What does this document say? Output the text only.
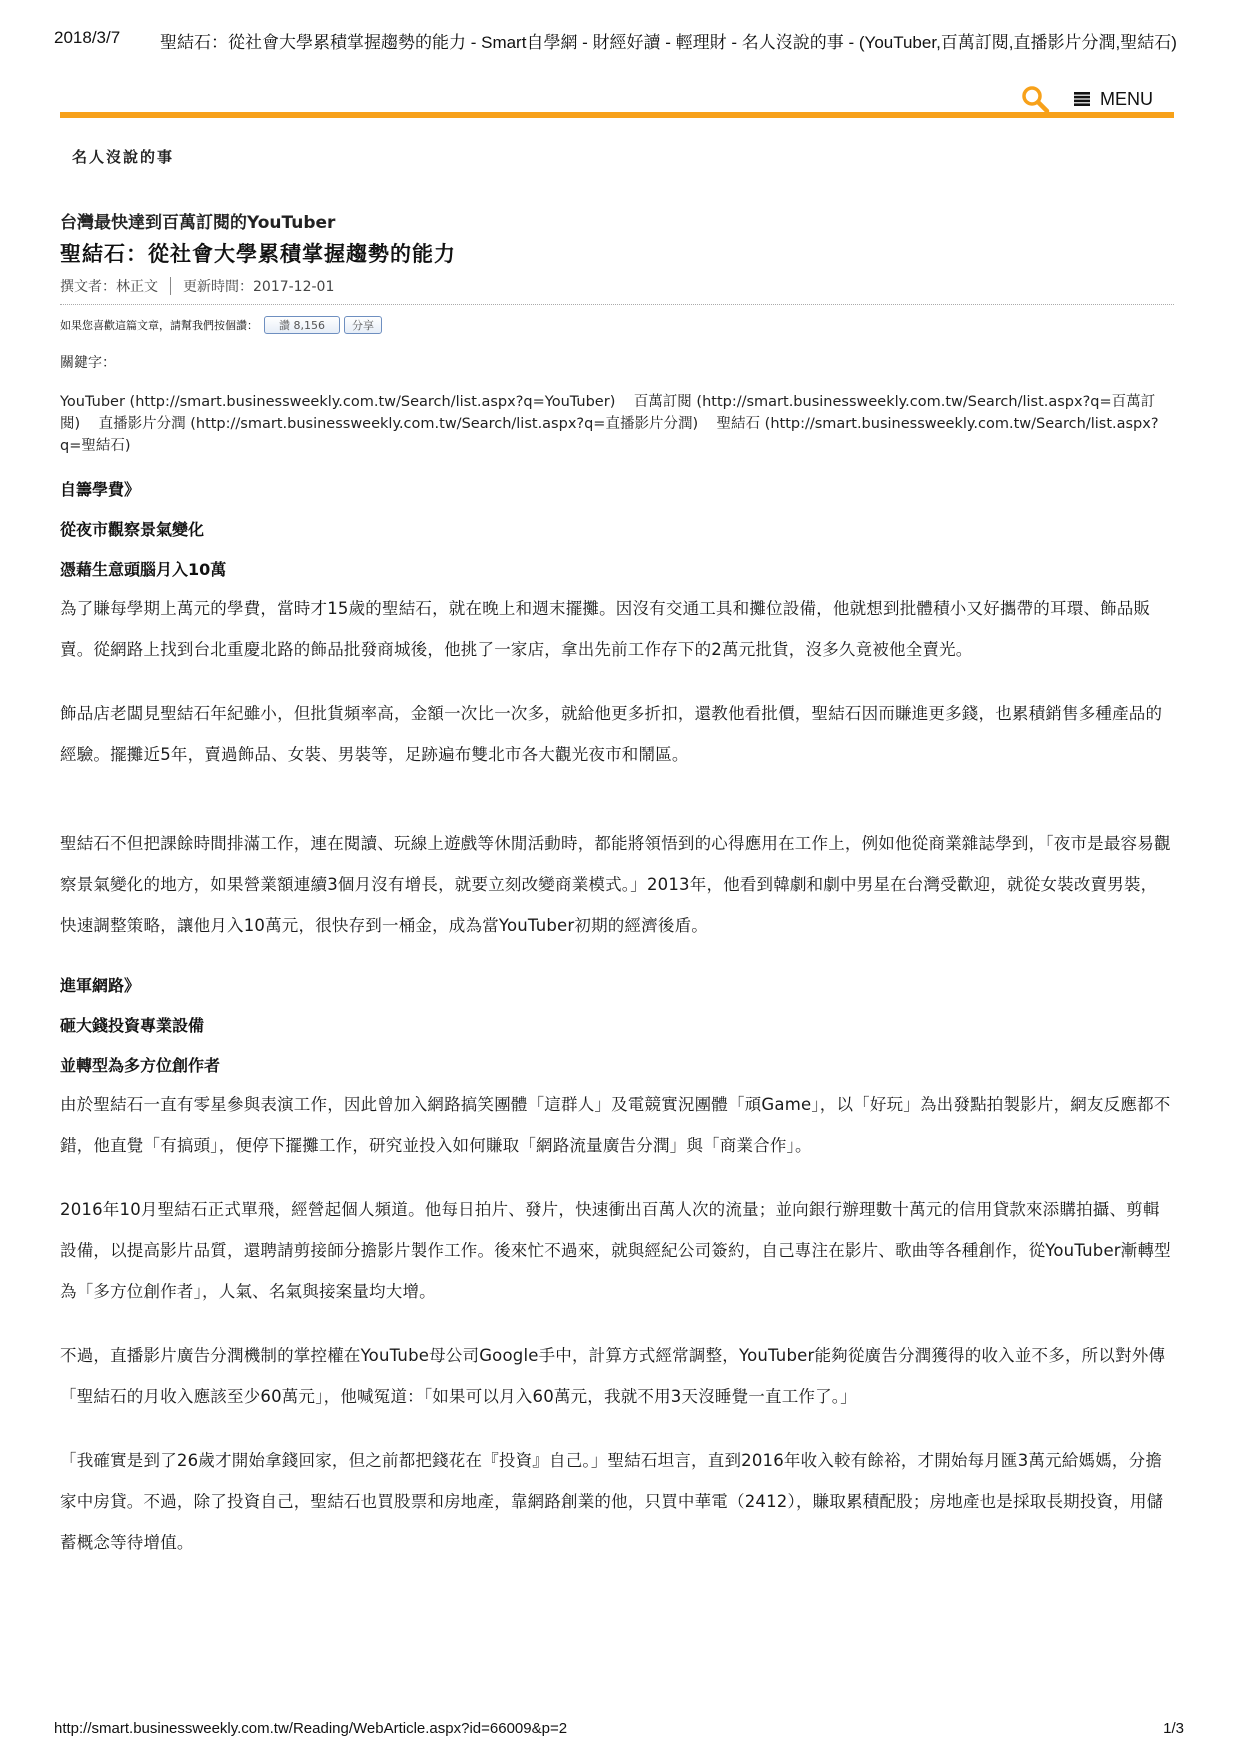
2018/3/7 聖結石：從社會大學累積掌握趨勢的能力 - Smart自學網 - 財經好讀 - 輕理財 - 名人沒說的事 - (YouTuber,百萬訂閱,直播影片分潤,聖結石)
MENU
名人沒說的事
台灣最快達到百萬訂閱的YouTuber
聖結石：從社會大學累積掌握趨勢的能力
撰文者：林正文 更新時間：2017-12-01
如果您喜歡這篇文章，請幫我們按個讚：	讚 8,156	分享
關鍵字：
YouTuber (http://smart.businessweekly.com.tw/Search/list.aspx?q=YouTuber) 百萬訂閱 (http://smart.businessweekly.com.tw/Search/list.aspx?q=百萬訂閱) 直播影片分潤 (http://smart.businessweekly.com.tw/Search/list.aspx?q=直播影片分潤) 聖結石 (http://smart.businessweekly.com.tw/Search/list.aspx?q=聖結石)
自籌學費》
從夜市觀察景氣變化
憑藉生意頭腦月入10萬

為了賺每學期上萬元的學費，當時才15歲的聖結石，就在晚上和週末擺攤。因沒有交通工具和攤位設備，他就想到批體積小又好攜帶的耳環、飾品販賣。從網路上找到台北重慶北路的飾品批發商城後，他挑了一家店，拿出先前工作存下的2萬元批貨，沒多久竟被他全賣光。

飾品店老闆見聖結石年紀雖小，但批貨頻率高，金額一次比一次多，就給他更多折扣，還教他看批價，聖結石因而賺進更多錢，也累積銷售多種產品的經驗。擺攤近5年，賣過飾品、女裝、男裝等，足跡遍布雙北市各大觀光夜市和鬧區。

聖結石不但把課餘時間排滿工作，連在閱讀、玩線上遊戲等休閒活動時，都能將領悟到的心得應用在工作上，例如他從商業雜誌學到，「夜市是最容易觀察景氣變化的地方，如果營業額連續3個月沒有增長，就要立刻改變商業模式。」2013年，他看到韓劇和劇中男星在台灣受歡迎，就從女裝改賣男裝，快速調整策略，讓他月入10萬元，很快存到一桶金，成為當YouTuber初期的經濟後盾。

進軍網路》
砸大錢投資專業設備
並轉型為多方位創作者

由於聖結石一直有零星參與表演工作，因此曾加入網路搞笑團體「這群人」及電競實況團體「頑Game」，以「好玩」為出發點拍製影片，網友反應都不錯，他直覺「有搞頭」，便停下擺攤工作，研究並投入如何賺取「網路流量廣告分潤」與「商業合作」。

2016年10月聖結石正式單飛，經營起個人頻道。他每日拍片、發片，快速衝出百萬人次的流量；並向銀行辦理數十萬元的信用貸款來添購拍攝、剪輯設備，以提高影片品質，還聘請剪接師分擔影片製作工作。後來忙不過來，就與經紀公司簽約，自己專注在影片、歌曲等各種創作，從YouTuber漸轉型為「多方位創作者」，人氣、名氣與接案量均大增。

不過，直播影片廣告分潤機制的掌控權在YouTube母公司Google手中，計算方式經常調整，YouTuber能夠從廣告分潤獲得的收入並不多，所以對外傳「聖結石的月收入應該至少60萬元」，他喊冤道：「如果可以月入60萬元，我就不用3天沒睡覺一直工作了。」

「我確實是到了26歲才開始拿錢回家，但之前都把錢花在『投資』自己。」聖結石坦言，直到2016年收入較有餘裕，才開始每月匯3萬元給媽媽，分擔家中房貸。不過，除了投資自己，聖結石也買股票和房地產，靠網路創業的他，只買中華電（2412），賺取累積配股；房地產也是採取長期投資，用儲蓄概念等待增值。

http://smart.businessweekly.com.tw/Reading/WebArticle.aspx?id=66009&p=2	1/3
